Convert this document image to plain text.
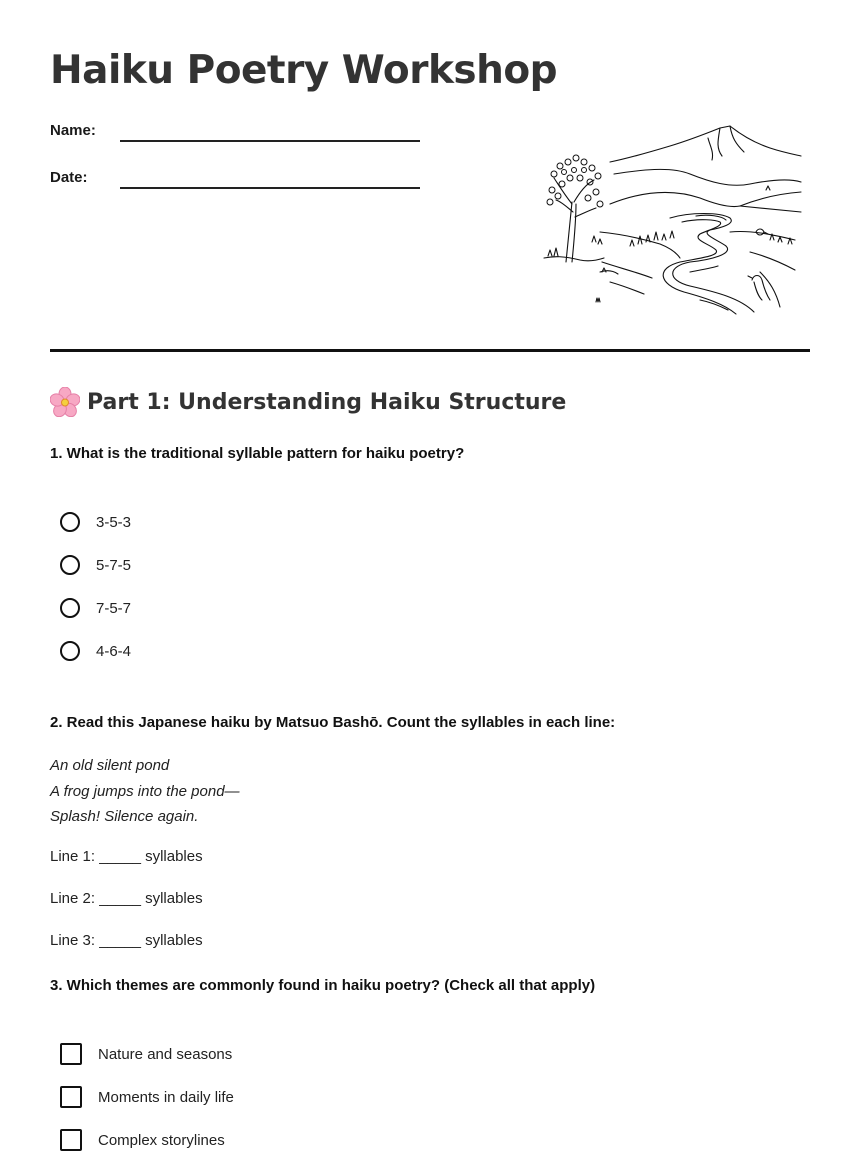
Haiku Poetry Workshop
Name:
Date:
Part 1: Understanding Haiku Structure

1. What is the traditional syllable pattern for haiku poetry?

3-5-3
5-7-5
7-5-7
4-6-4

2. Read this Japanese haiku by Matsuo Bashō. Count the syllables in each line:

An old silent pond
A frog jumps into the pond—
Splash! Silence again.
Line 1: _____ syllables
Line 2: _____ syllables
Line 3: _____ syllables

3. Which themes are commonly found in haiku poetry? (Check all that apply)

Nature and seasons
Moments in daily life
Complex storylines
